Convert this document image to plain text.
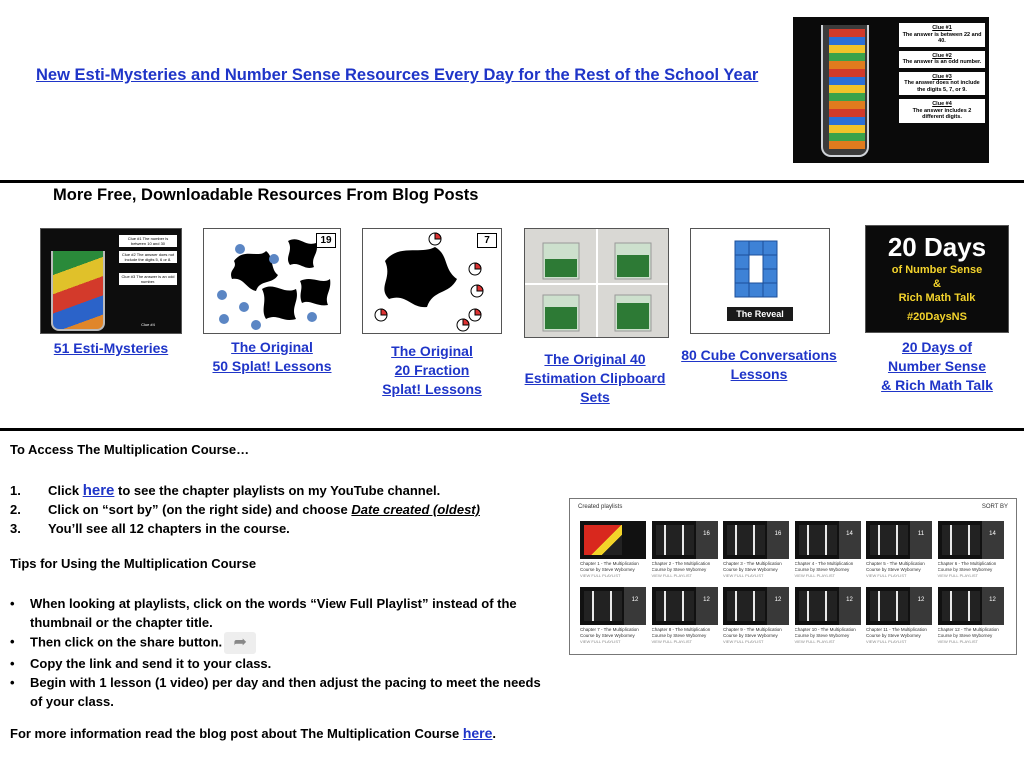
New Esti-Mysteries and Number Sense Resources Every Day for the Rest of the School Year
Clue #1
The answer is between 22 and 40.
Clue #2
The answer is an odd number.
Clue #3
The answer does not include the digits 5, 7, or 9.
Clue #4
The answer includes 2 different digits.
More Free, Downloadable Resources From Blog Posts
Clue #1 The number is between 10 and 30
Clue #2 The answer does not include the digits 5, 6 or 8.
Clue #3 The answer is an odd number.
Clue #4
51 Esti-Mysteries
19
The Original
50 Splat! Lessons
7
The Original
20 Fraction
Splat! Lessons
The Original 40
Estimation Clipboard
Sets
The Reveal
80 Cube Conversations
Lessons
20 Days
of Number Sense
&
Rich Math Talk
#20DaysNS
20 Days of
Number Sense
& Rich Math Talk
To Access The Multiplication Course…
1. Click here to see the chapter playlists on my YouTube channel.
2. Click on “sort by” (on the right side) and choose Date created (oldest)
3. You’ll see all 12 chapters in the course.
Tips for Using the Multiplication Course
• When looking at playlists, click on the words “View Full Playlist” instead of the thumbnail or the chapter title.
• Then click on the share button. ➦
• Copy the link and send it to your class.
• Begin with 1 lesson (1 video) per day and then adjust the pacing to meet the needs of your class.
For more information read the blog post about The Multiplication Course here.
Created playlists	SORT BY
Chapter 1 - The Multiplication Course by Steve Wyborney
VIEW FULL PLAYLIST
16
Chapter 2 - The Multiplication Course by Steve Wyborney
VIEW FULL PLAYLIST
16
Chapter 3 - The Multiplication Course by Steve Wyborney
VIEW FULL PLAYLIST
14
Chapter 4 - The Multiplication Course by Steve Wyborney
VIEW FULL PLAYLIST
11
Chapter 5 - The Multiplication Course by Steve Wyborney
VIEW FULL PLAYLIST
14
Chapter 6 - The Multiplication Course by Steve Wyborney
VIEW FULL PLAYLIST
12
Chapter 7 - The Multiplication Course by Steve Wyborney
VIEW FULL PLAYLIST
12
Chapter 8 - The Multiplication Course by Steve Wyborney
VIEW FULL PLAYLIST
12
Chapter 9 - The Multiplication Course by Steve Wyborney
VIEW FULL PLAYLIST
12
Chapter 10 - The Multiplication Course by Steve Wyborney
VIEW FULL PLAYLIST
12
Chapter 11 - The Multiplication Course by Steve Wyborney
VIEW FULL PLAYLIST
12
Chapter 12 - The Multiplication Course by Steve Wyborney
VIEW FULL PLAYLIST
